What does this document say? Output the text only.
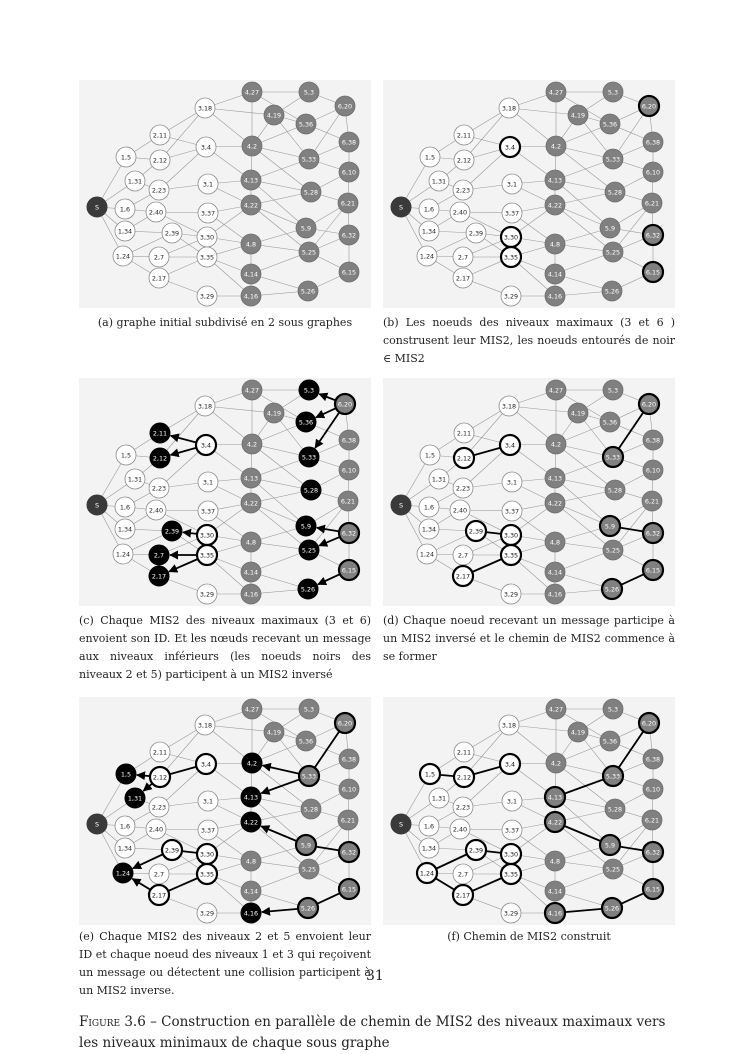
S
1,5
1,31
1,6
1,34
1,24
2,11
2,12
2,23
2,40
2,39
2,7
2,17
3,18
3,4
3,1
3,37
3,30
3,35
3,29
4,27
4,19
4,2
4,13
4,22
4,8
4,14
4,16
5,3
5,36
5,33
5,28
5,9
5,25
5,26
6,20
6,38
6,10
6,21
6,32
6,15
S
1,5
1,31
1,6
1,34
1,24
2,11
2,12
2,23
2,40
2,39
2,7
2,17
3,18
3,4
3,1
3,37
3,30
3,35
3,29
4,27
4,19
4,2
4,13
4,22
4,8
4,14
4,16
5,3
5,36
5,33
5,28
5,9
5,25
5,26
6,20
6,38
6,10
6,21
6,32
6,15
S
1,5
1,31
1,6
1,34
1,24
2,11
2,12
2,23
2,40
2,39
2,7
2,17
3,18
3,4
3,1
3,37
3,30
3,35
3,29
4,27
4,19
4,2
4,13
4,22
4,8
4,14
4,16
5,3
5,36
5,33
5,28
5,9
5,25
5,26
6,20
6,38
6,10
6,21
6,32
6,15
S
1,5
1,31
1,6
1,34
1,24
2,11
2,12
2,23
2,40
2,39
2,7
2,17
3,18
3,4
3,1
3,37
3,30
3,35
3,29
4,27
4,19
4,2
4,13
4,22
4,8
4,14
4,16
5,3
5,36
5,33
5,28
5,9
5,25
5,26
6,20
6,38
6,10
6,21
6,32
6,15
S
1,5
1,31
1,6
1,34
1,24
2,11
2,12
2,23
2,40
2,39
2,7
2,17
3,18
3,4
3,1
3,37
3,30
3,35
3,29
4,27
4,19
4,2
4,13
4,22
4,8
4,14
4,16
5,3
5,36
5,33
5,28
5,9
5,25
5,26
6,20
6,38
6,10
6,21
6,32
6,15
S
1,5
1,31
1,6
1,34
1,24
2,11
2,12
2,23
2,40
2,39
2,7
2,17
3,18
3,4
3,1
3,37
3,30
3,35
3,29
4,27
4,19
4,2
4,13
4,22
4,8
4,14
4,16
5,3
5,36
5,33
5,28
5,9
5,25
5,26
6,20
6,38
6,10
6,21
6,32
6,15
(a) graphe initial subdivisé en 2 sous graphes	(b) Les noeuds des niveaux maximaux (3 et 6 ) construsent leur MIS2, les noeuds entourés de noir ∈ MIS2
(c) Chaque MIS2 des niveaux maximaux (3 et 6) envoient son ID. Et les nœuds recevant un message aux niveaux inférieurs (les noeuds noirs des niveaux 2 et 5) participent à un MIS2 inversé
(d) Chaque noeud recevant un message participe à un MIS2 inversé et le chemin de MIS2 commence à se former
(e) Chaque MIS2 des niveaux 2 et 5 envoient leur ID et chaque noeud des niveaux 1 et 3 qui reçoivent un message ou détectent une collision participent à un MIS2 inverse.
(f) Chemin de MIS2 construit
31
Figure 3.6 – Construction en parallèle de chemin de MIS2 des niveaux maximaux vers les niveaux minimaux de chaque sous graphe
